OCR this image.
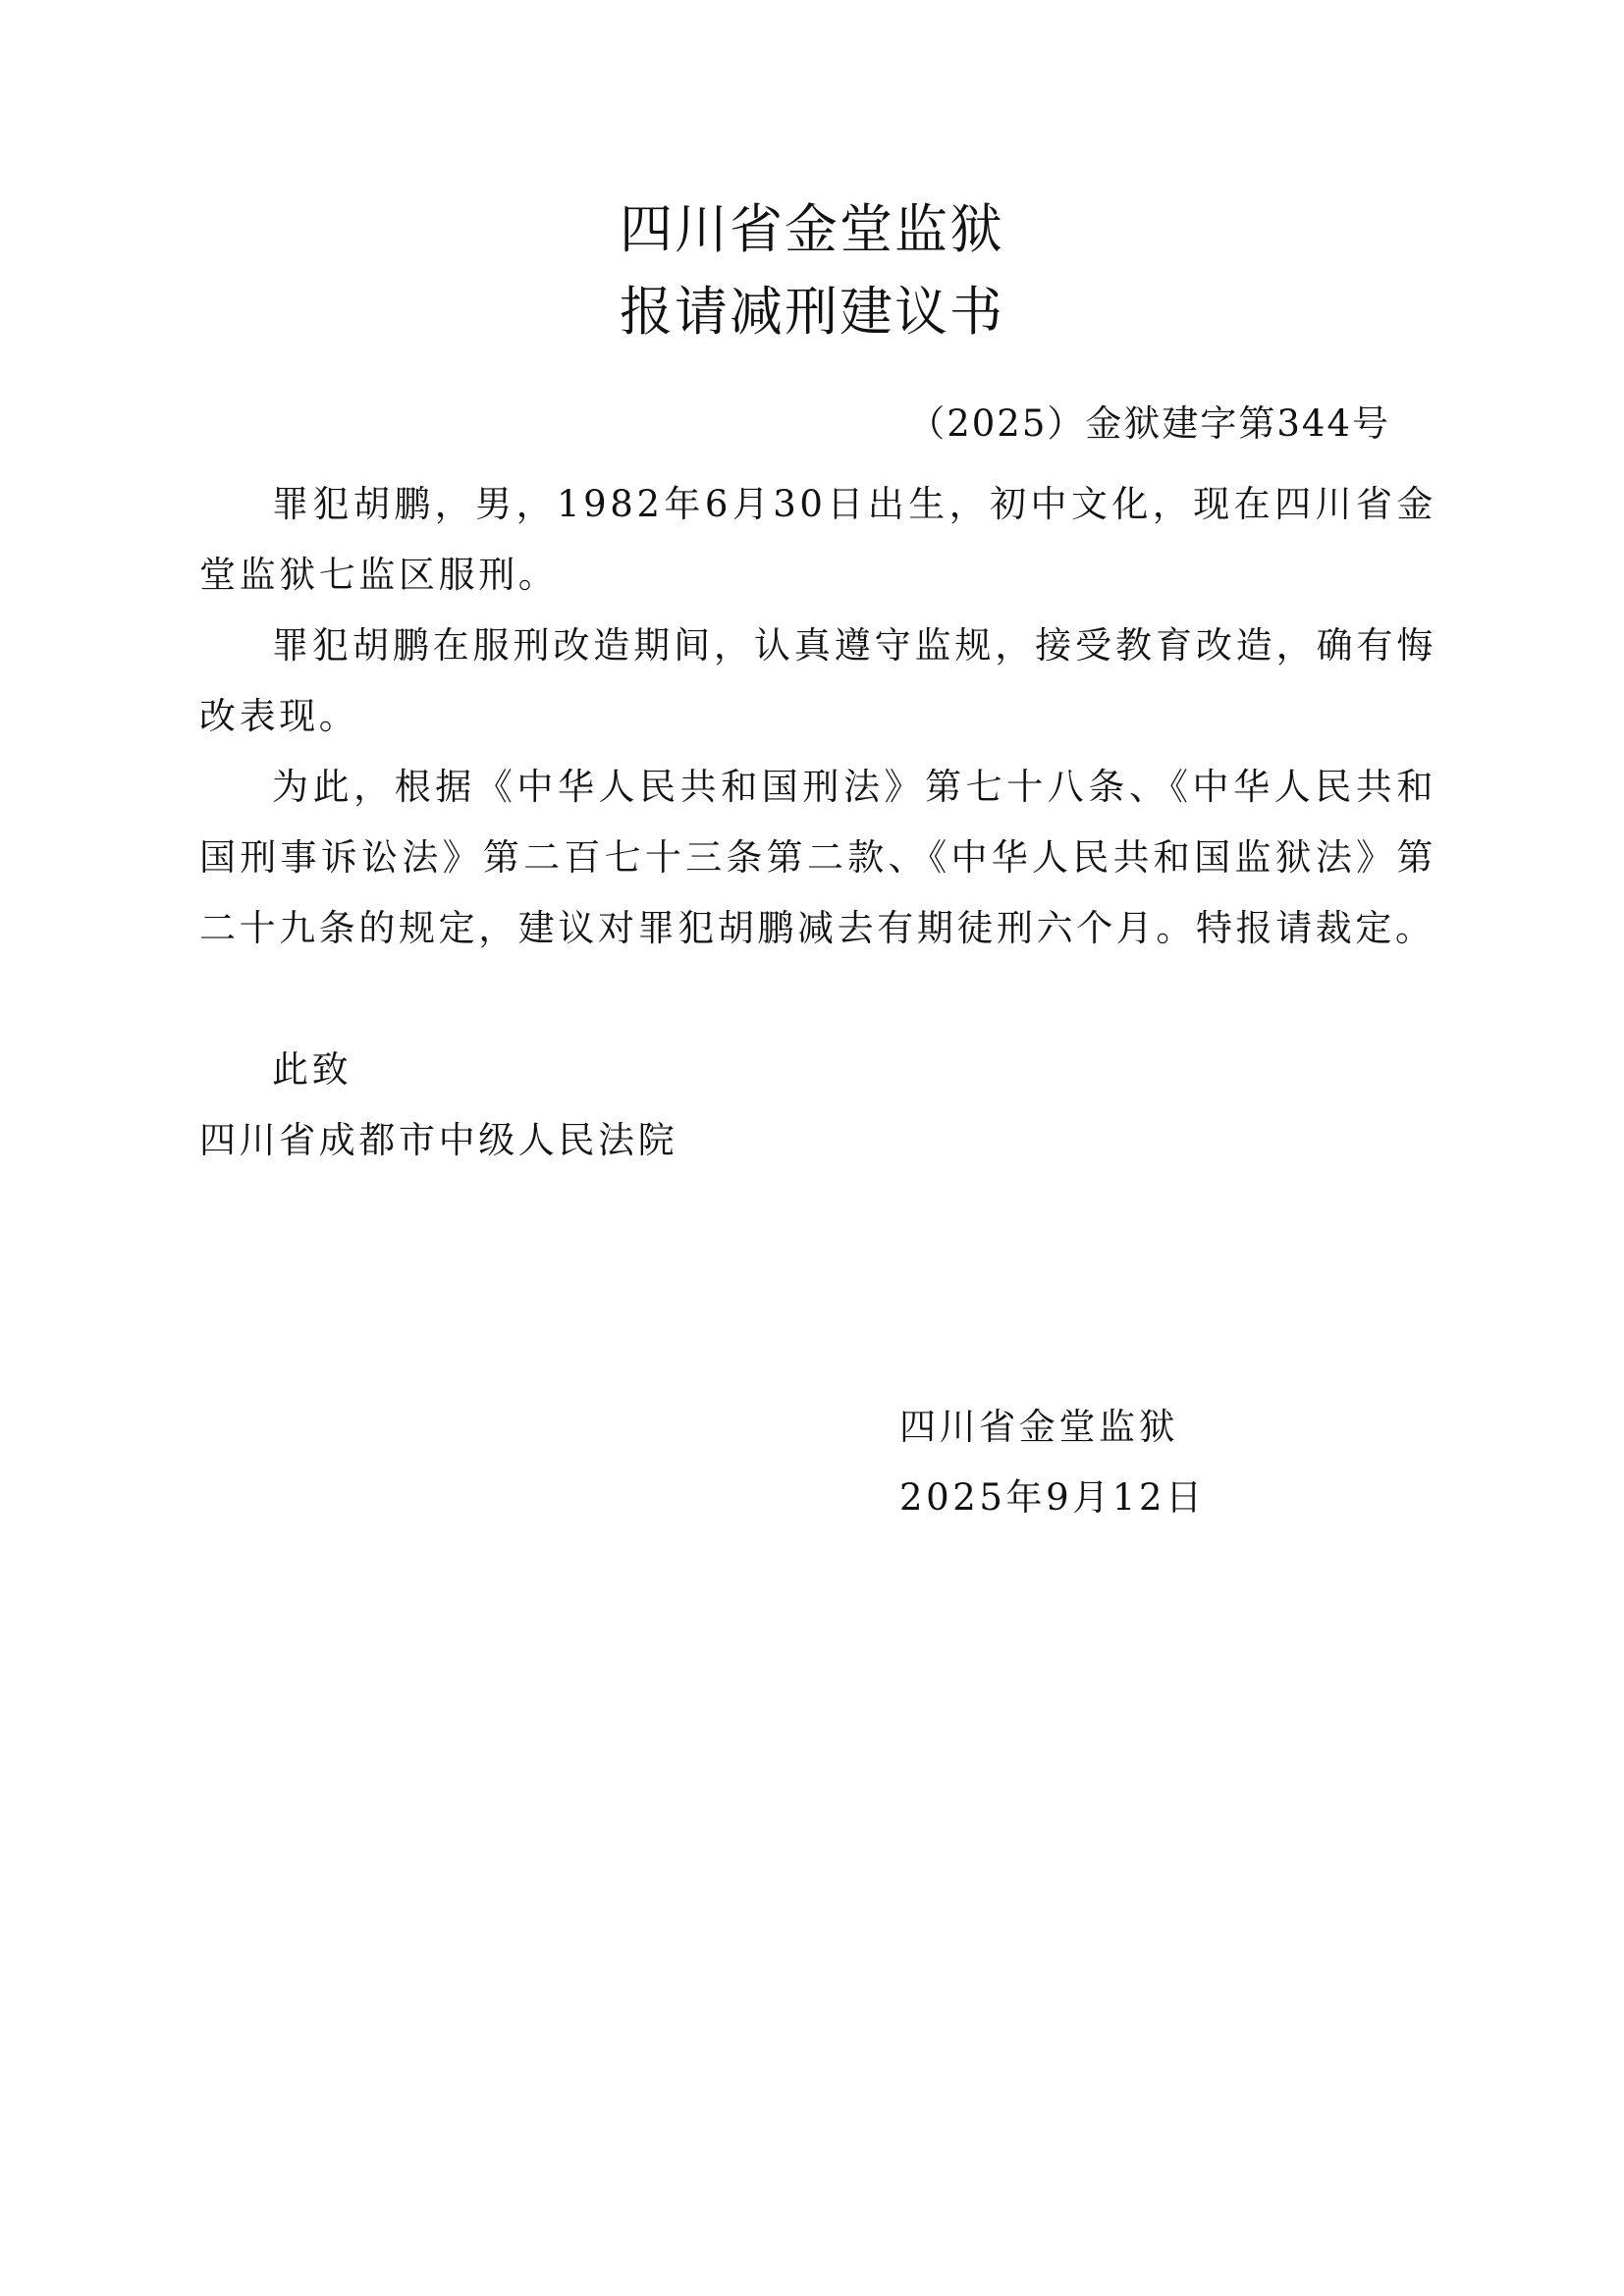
四川省金堂监狱
报请减刑建议书
（2025）金狱建字第344号

罪犯胡鹏，男，1982年6月30日出生，初中文化，现在四川省金堂监狱七监区服刑。

罪犯胡鹏在服刑改造期间，认真遵守监规，接受教育改造，确有悔改表现。

为此，根据《中华人民共和国刑法》第七十八条、《中华人民共和国刑事诉讼法》第二百七十三条第二款、《中华人民共和国监狱法》第二十九条的规定，建议对罪犯胡鹏减去有期徒刑六个月。特报请裁定。

此致
四川省成都市中级人民法院
四川省金堂监狱
2025年9月12日
